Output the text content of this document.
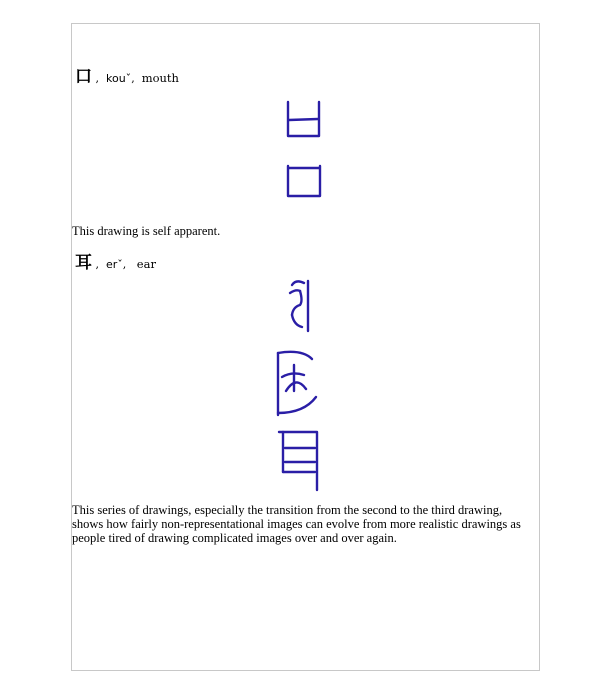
口 ,  kouˇ,  mouth
This drawing is self apparent.
耳 ,  erˇ,   ear
This series of drawings, especially the transition from the second to the third drawing, shows how fairly non-representational images can evolve from more realistic drawings as people tired of drawing complicated images over and over again.
